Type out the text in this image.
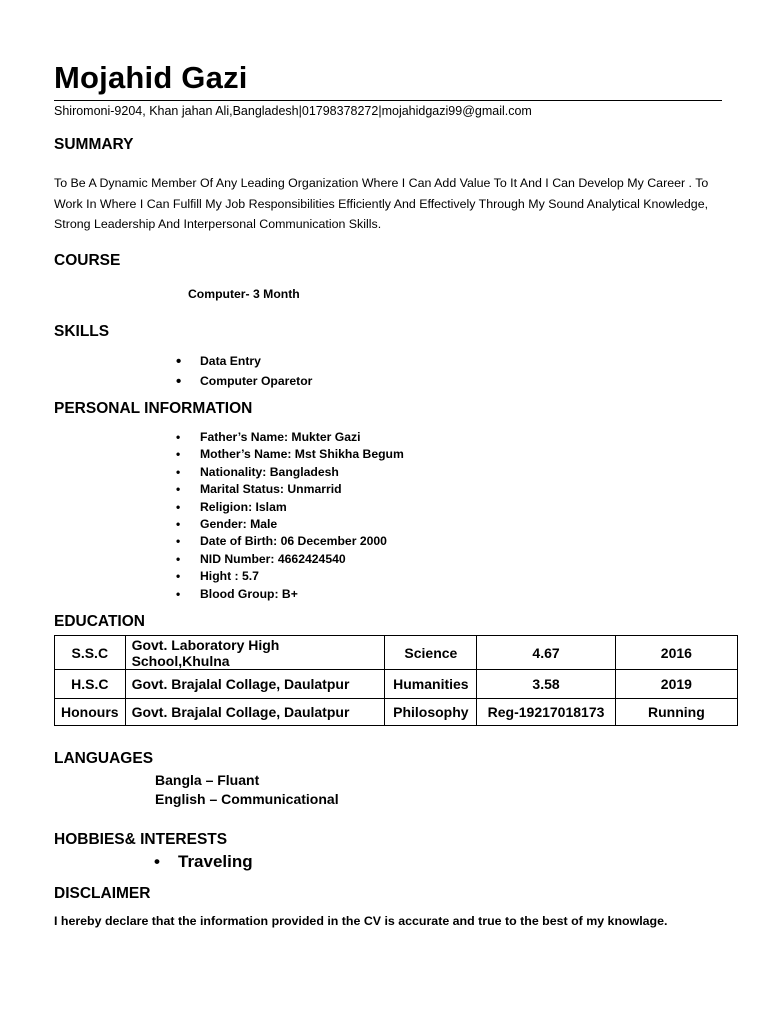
Mojahid Gazi
Shiromoni-9204, Khan jahan Ali,Bangladesh|01798378272|mojahidgazi99@gmail.com
SUMMARY
To Be A Dynamic Member Of Any Leading Organization Where I Can Add Value To It And I Can Develop My Career . To Work In Where I Can Fulfill My Job Responsibilities Efficiently And Effectively Through My Sound Analytical Knowledge, Strong Leadership And Interpersonal Communication Skills.
COURSE
Computer- 3 Month
SKILLS
• Data Entry
• Computer Oparetor
PERSONAL INFORMATION
• Father’s Name: Mukter Gazi
• Mother’s Name: Mst Shikha Begum
• Nationality: Bangladesh
• Marital Status: Unmarrid
• Religion: Islam
• Gender: Male
• Date of Birth: 06 December 2000
• NID Number: 4662424540
• Hight : 5.7
• Blood Group: B+
EDUCATION
S.S.C	Govt. Laboratory High School,Khulna	Science	4.67	2016
H.S.C	Govt. Brajalal Collage, Daulatpur	Humanities	3.58	2019
Honours	Govt. Brajalal Collage, Daulatpur	Philosophy	Reg-19217018173	Running
LANGUAGES
Bangla – Fluant
English – Communicational
HOBBIES& INTERESTS
• Traveling
DISCLAIMER
I hereby declare that the information provided in the CV is accurate and true to the best of my knowlage.
